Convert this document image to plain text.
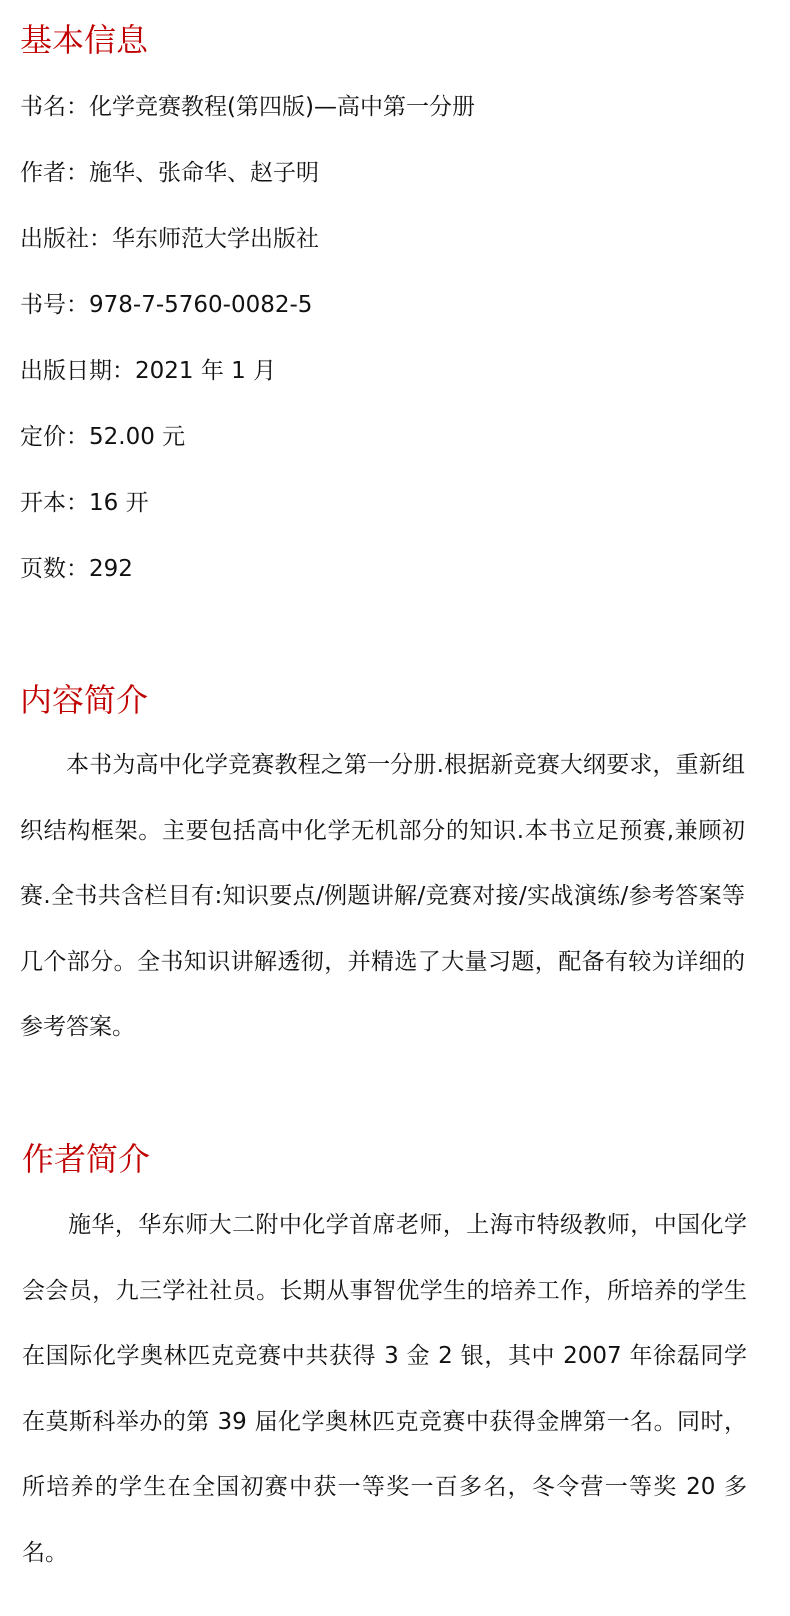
基本信息
书名：化学竞赛教程(第四版)—高中第一分册
作者：施华、张命华、赵子明
出版社：华东师范大学出版社
书号：978-7-5760-0082-5
出版日期：2021 年 1 月
定价：52.00 元
开本：16 开
页数：292
内容简介

本书为高中化学竞赛教程之第一分册.根据新竞赛大纲要求，重新组织结构框架。主要包括高中化学无机部分的知识.本书立足预赛,兼顾初赛.全书共含栏目有:知识要点/例题讲解/竞赛对接/实战演练/参考答案等几个部分。全书知识讲解透彻，并精选了大量习题，配备有较为详细的参考答案。

作者简介

施华，华东师大二附中化学首席老师，上海市特级教师，中国化学会会员，九三学社社员。长期从事智优学生的培养工作，所培养的学生在国际化学奥林匹克竞赛中共获得 3 金 2 银，其中 2007 年徐磊同学在莫斯科举办的第 39 届化学奥林匹克竞赛中获得金牌第一名。同时，所培养的学生在全国初赛中获一等奖一百多名，冬令营一等奖 20 多名。
